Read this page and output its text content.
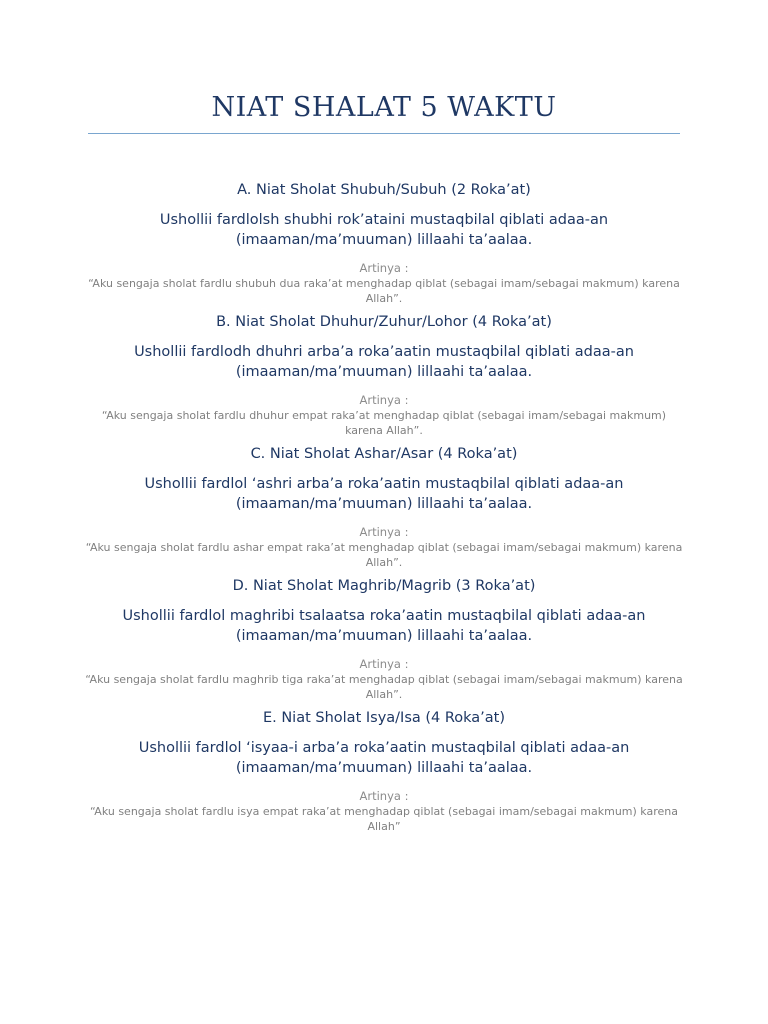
NIAT SHALAT 5 WAKTU

A. Niat Sholat Shubuh/Subuh (2 Roka’at)

Ushollii fardlolsh shubhi rok’ataini mustaqbilal qiblati adaa-an (imaaman/ma’muuman) lillaahi ta’aalaa.

Artinya :

“Aku sengaja sholat fardlu shubuh dua raka’at menghadap qiblat (sebagai imam/sebagai makmum) karena Allah”.

B. Niat Sholat Dhuhur/Zuhur/Lohor (4 Roka’at)

Ushollii fardlodh dhuhri arba’a roka’aatin mustaqbilal qiblati adaa-an (imaaman/ma’muuman) lillaahi ta’aalaa.

Artinya :

“Aku sengaja sholat fardlu dhuhur empat raka’at menghadap qiblat (sebagai imam/sebagai makmum) karena Allah”.

C. Niat Sholat Ashar/Asar (4 Roka’at)

Ushollii fardlol ‘ashri arba’a roka’aatin mustaqbilal qiblati adaa-an (imaaman/ma’muuman) lillaahi ta’aalaa.

Artinya :

“Aku sengaja sholat fardlu ashar empat raka’at menghadap qiblat (sebagai imam/sebagai makmum) karena Allah”.

D. Niat Sholat Maghrib/Magrib (3 Roka’at)

Ushollii fardlol maghribi tsalaatsa roka’aatin mustaqbilal qiblati adaa-an (imaaman/ma’muuman) lillaahi ta’aalaa.

Artinya :

“Aku sengaja sholat fardlu maghrib tiga raka’at menghadap qiblat (sebagai imam/sebagai makmum) karena Allah”.

E. Niat Sholat Isya/Isa (4 Roka’at)

Ushollii fardlol ‘isyaa-i arba’a roka’aatin mustaqbilal qiblati adaa-an (imaaman/ma’muuman) lillaahi ta’aalaa.

Artinya :

“Aku sengaja sholat fardlu isya empat raka’at menghadap qiblat (sebagai imam/sebagai makmum) karena Allah”
